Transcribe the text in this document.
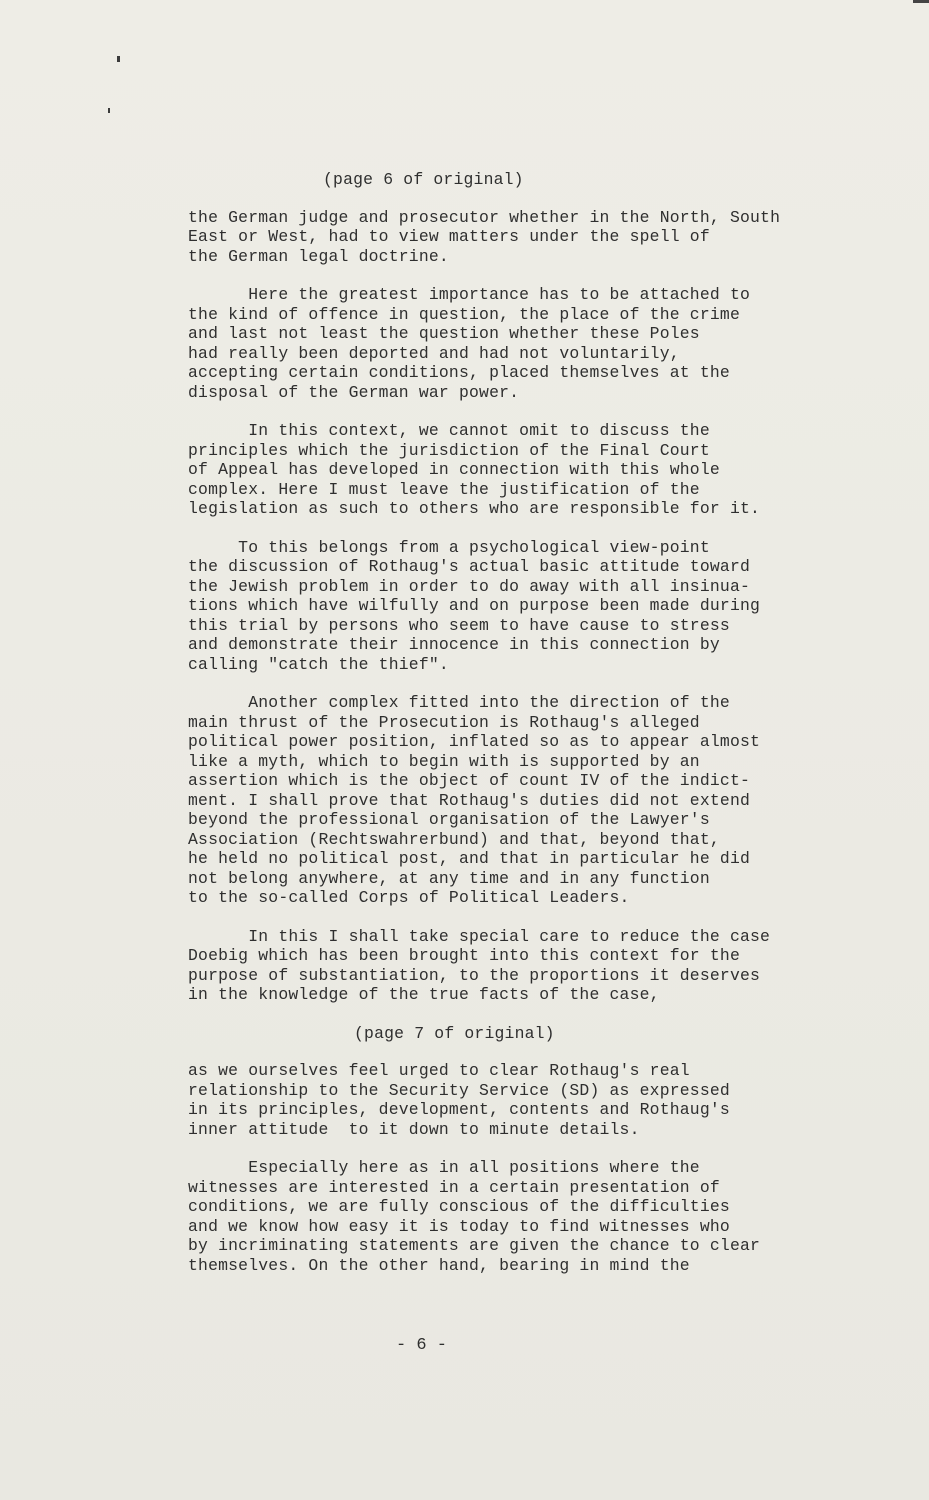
(page 6 of original)
the German judge and prosecutor whether in the North, South
East or West, had to view matters under the spell of
the German legal doctrine.
Here the greatest importance has to be attached to
the kind of offence in question, the place of the crime
and last not least the question whether these Poles
had really been deported and had not voluntarily,
accepting certain conditions, placed themselves at the
disposal of the German war power.
In this context, we cannot omit to discuss the
principles which the jurisdiction of the Final Court
of Appeal has developed in connection with this whole
complex. Here I must leave the justification of the
legislation as such to others who are responsible for it.
To this belongs from a psychological view-point
the discussion of Rothaug's actual basic attitude toward
the Jewish problem in order to do away with all insinua-
tions which have wilfully and on purpose been made during
this trial by persons who seem to have cause to stress
and demonstrate their innocence in this connection by
calling "catch the thief".
Another complex fitted into the direction of the
main thrust of the Prosecution is Rothaug's alleged
political power position, inflated so as to appear almost
like a myth, which to begin with is supported by an
assertion which is the object of count IV of the indict-
ment. I shall prove that Rothaug's duties did not extend
beyond the professional organisation of the Lawyer's
Association (Rechtswahrerbund) and that, beyond that,
he held no political post, and that in particular he did
not belong anywhere, at any time and in any function
to the so-called Corps of Political Leaders.
In this I shall take special care to reduce the case
Doebig which has been brought into this context for the
purpose of substantiation, to the proportions it deserves
in the knowledge of the true facts of the case,
(page 7 of original)
as we ourselves feel urged to clear Rothaug's real
relationship to the Security Service (SD) as expressed
in its principles, development, contents and Rothaug's
inner attitude  to it down to minute details.
Especially here as in all positions where the
witnesses are interested in a certain presentation of
conditions, we are fully conscious of the difficulties
and we know how easy it is today to find witnesses who
by incriminating statements are given the chance to clear
themselves. On the other hand, bearing in mind the
- 6 -
